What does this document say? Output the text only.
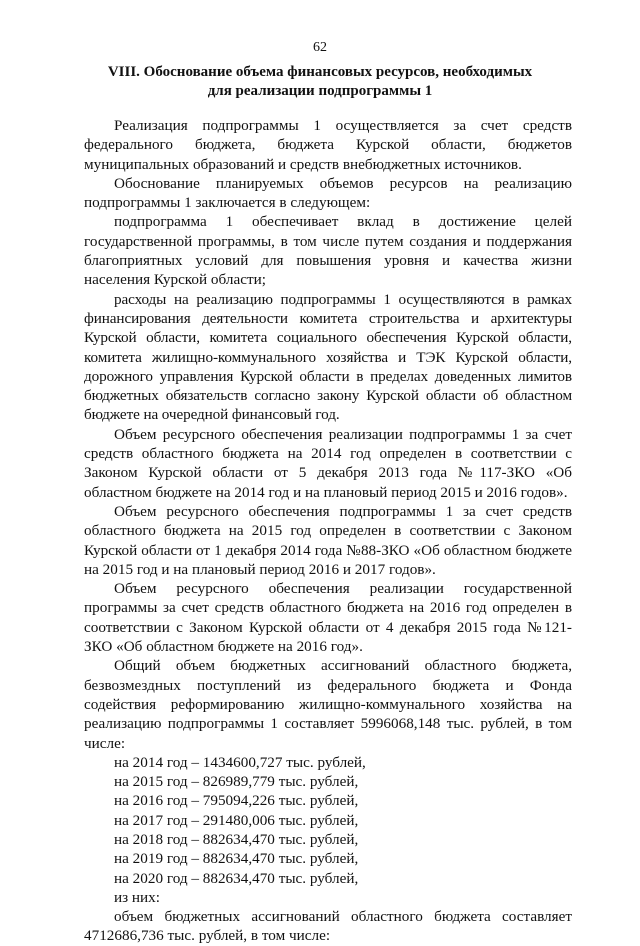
62
VIII. Обоснование объема финансовых ресурсов, необходимых
для реализации подпрограммы 1

Реализация подпрограммы 1 осуществляется за счет средств федерального бюджета, бюджета Курской области, бюджетов муниципальных образований и средств внебюджетных источников.

Обоснование планируемых объемов ресурсов на реализацию подпрограммы 1 заключается в следующем:

подпрограмма 1 обеспечивает вклад в достижение целей государственной программы, в том числе путем создания и поддержания благоприятных условий для повышения уровня и качества жизни населения Курской области;

расходы на реализацию подпрограммы 1 осуществляются в рамках финансирования деятельности комитета строительства и архитектуры Курской области, комитета социального обеспечения Курской области, комитета жилищно-коммунального хозяйства и ТЭК Курской области, дорожного управления Курской области в пределах доведенных лимитов бюджетных обязательств согласно закону Курской области об областном бюджете на очередной финансовый год.

Объем ресурсного обеспечения реализации подпрограммы 1 за счет средств областного бюджета на 2014 год определен в соответствии с Законом Курской области от 5 декабря 2013 года №117-ЗКО «Об областном бюджете на 2014 год и на плановый период 2015 и 2016 годов».

Объем ресурсного обеспечения подпрограммы 1 за счет средств областного бюджета на 2015 год определен в соответствии с Законом Курской области от 1 декабря 2014 года №88-ЗКО «Об областном бюджете на 2015 год и на плановый период 2016 и 2017 годов».

Объем ресурсного обеспечения реализации государственной программы за счет средств областного бюджета на 2016 год определен в соответствии с Законом Курской области от 4 декабря 2015 года №121-ЗКО «Об областном бюджете на 2016 год».

Общий объем бюджетных ассигнований областного бюджета, безвозмездных поступлений из федерального бюджета и Фонда содействия реформированию жилищно-коммунального хозяйства на реализацию подпрограммы 1 составляет 5996068,148 тыс. рублей, в том числе:

на 2014 год – 1434600,727 тыс. рублей,

на 2015 год – 826989,779 тыс. рублей,

на 2016 год – 795094,226 тыс. рублей,

на 2017 год – 291480,006 тыс. рублей,

на 2018 год – 882634,470 тыс. рублей,

на 2019 год – 882634,470 тыс. рублей,

на 2020 год – 882634,470 тыс. рублей,

из них:

объем бюджетных ассигнований областного бюджета составляет 4712686,736 тыс. рублей, в том числе:
